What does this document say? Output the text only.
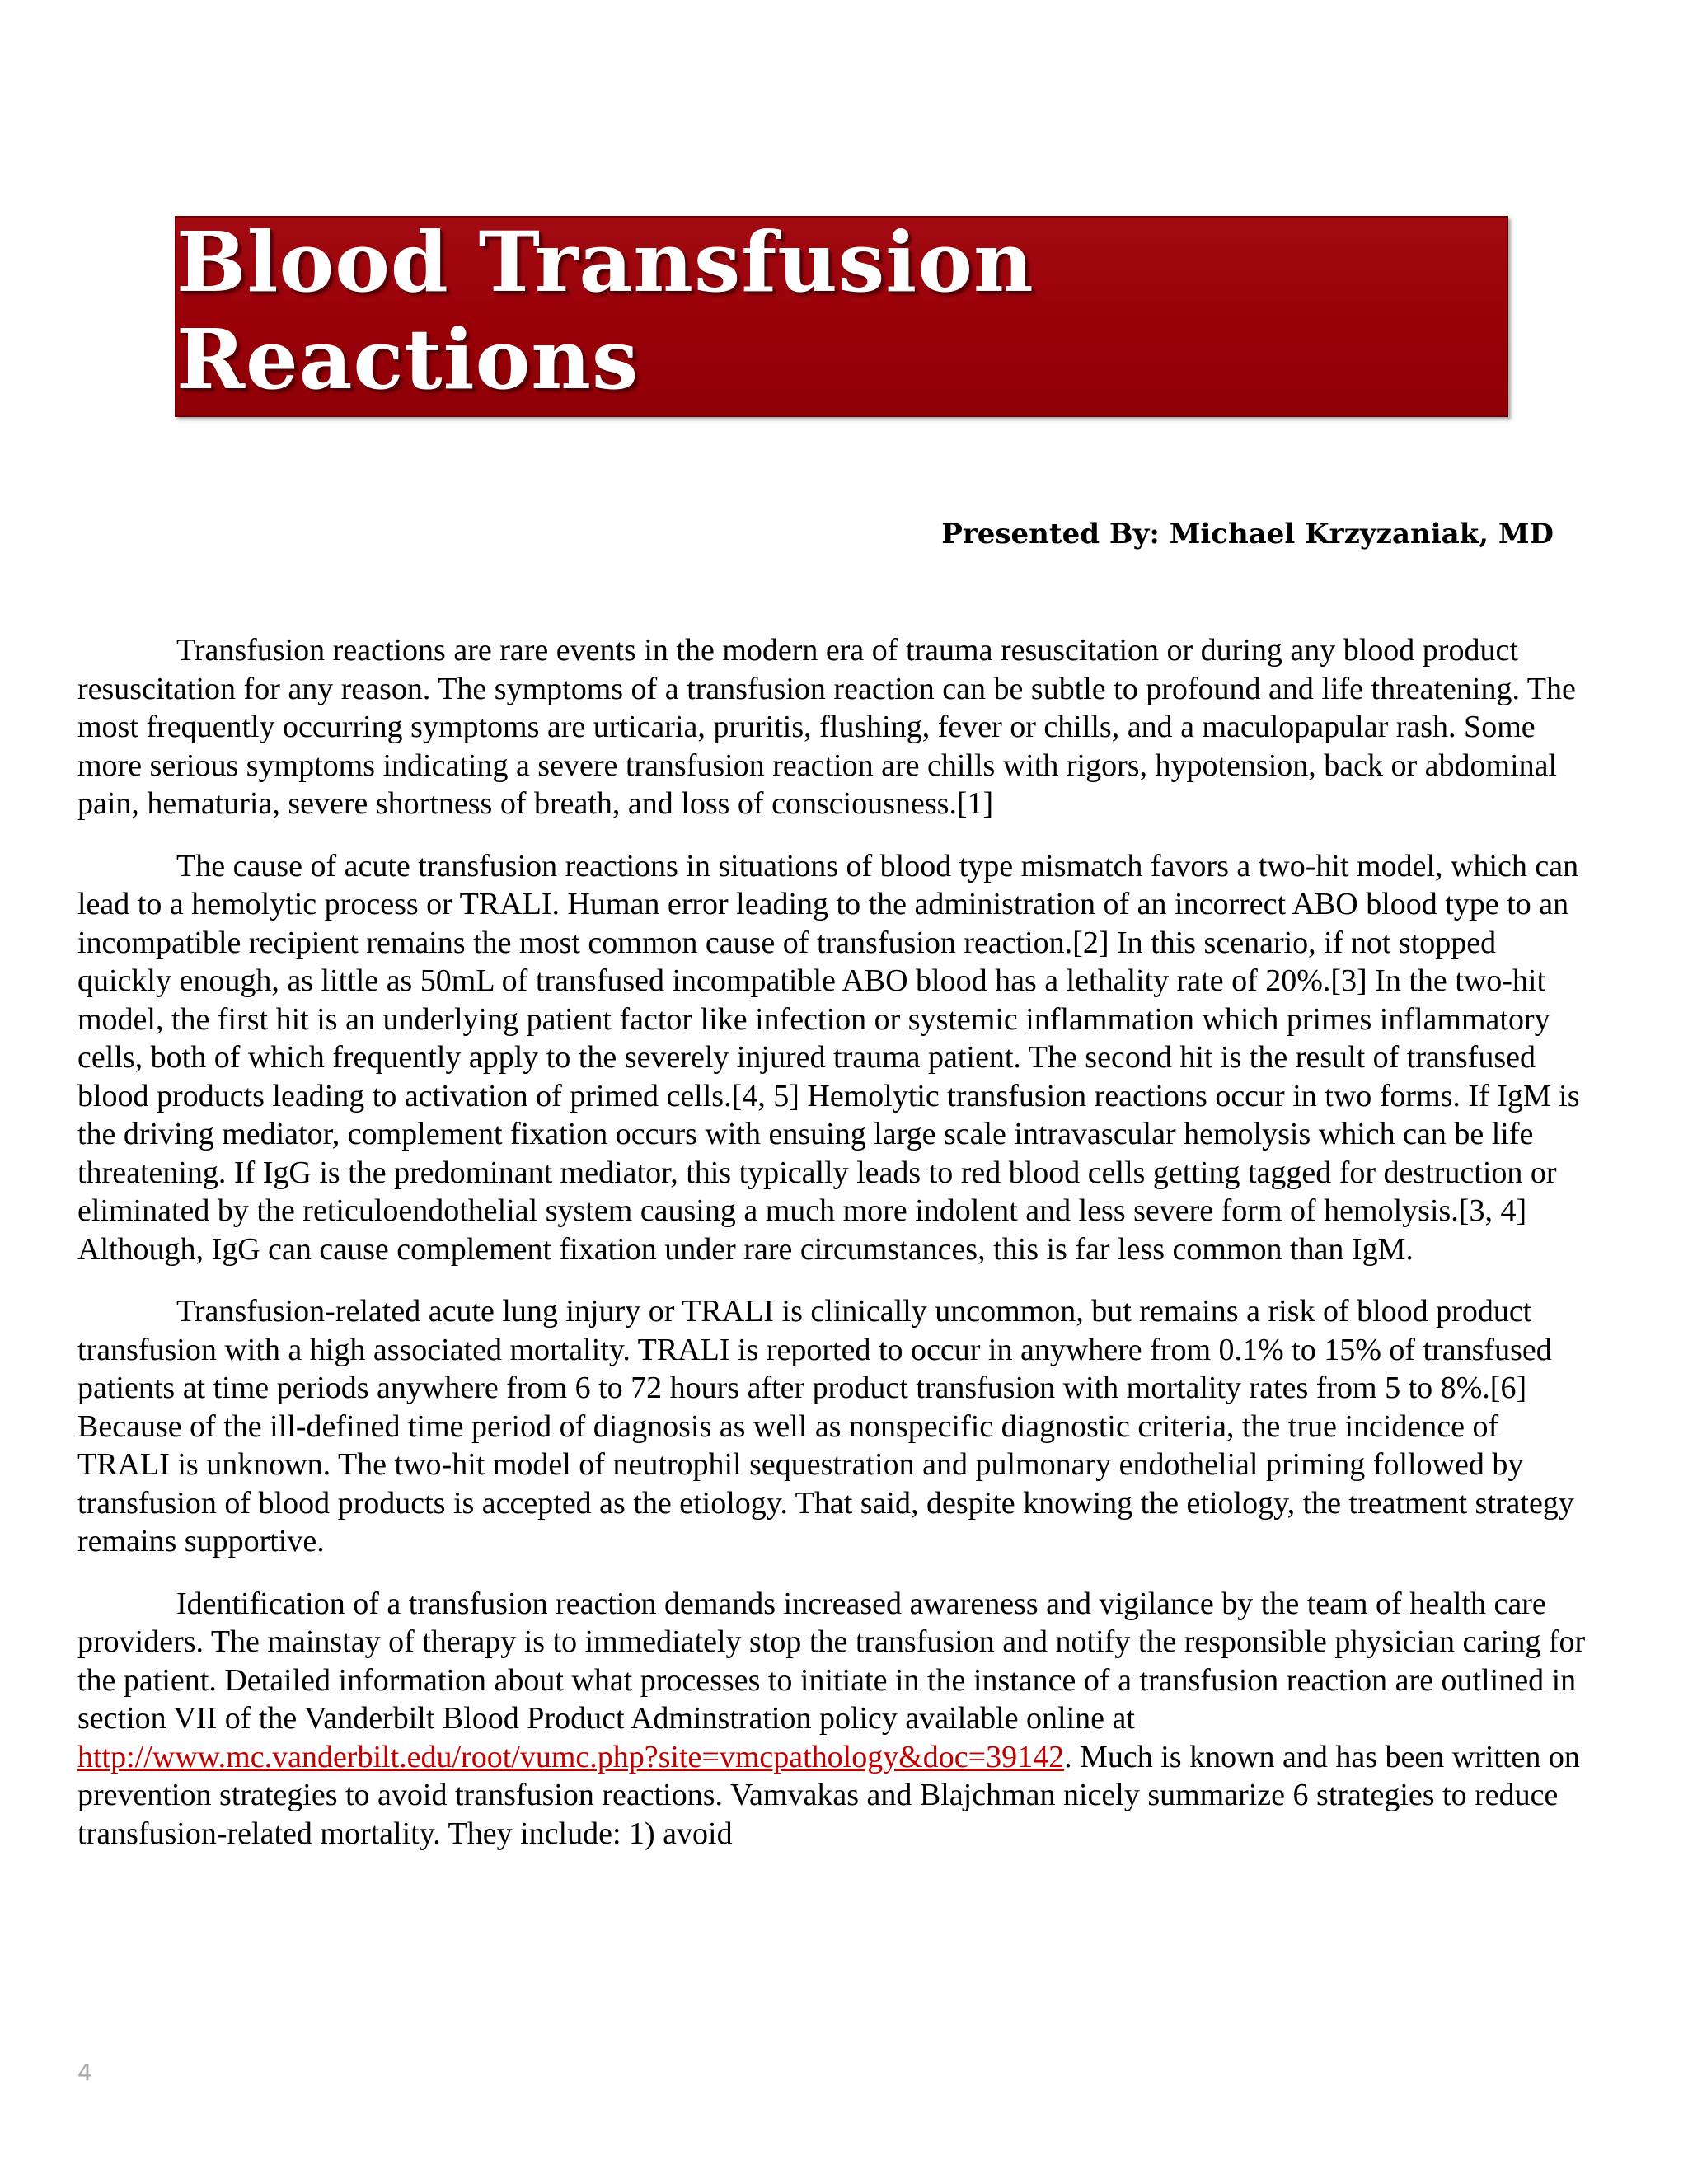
Blood Transfusion Reactions
Presented By: Michael Krzyzaniak, MD

Transfusion reactions are rare events in the modern era of trauma resuscitation or during any blood product resuscitation for any reason. The symptoms of a transfusion reaction can be subtle to profound and life threatening. The most frequently occurring symptoms are urticaria, pruritis, flushing, fever or chills, and a maculopapular rash. Some more serious symptoms indicating a severe transfusion reaction are chills with rigors, hypotension, back or abdominal pain, hematuria, severe shortness of breath, and loss of consciousness.[1]

The cause of acute transfusion reactions in situations of blood type mismatch favors a two-hit model, which can lead to a hemolytic process or TRALI. Human error leading to the administration of an incorrect ABO blood type to an incompatible recipient remains the most common cause of transfusion reaction.[2] In this scenario, if not stopped quickly enough, as little as 50mL of transfused incompatible ABO blood has a lethality rate of 20%.[3] In the two-hit model, the first hit is an underlying patient factor like infection or systemic inflammation which primes inflammatory cells, both of which frequently apply to the severely injured trauma patient. The second hit is the result of transfused blood products leading to activation of primed cells.[4, 5] Hemolytic transfusion reactions occur in two forms. If IgM is the driving mediator, complement fixation occurs with ensuing large scale intravascular hemolysis which can be life threatening. If IgG is the predominant mediator, this typically leads to red blood cells getting tagged for destruction or eliminated by the reticuloendothelial system causing a much more indolent and less severe form of hemolysis.[3, 4] Although, IgG can cause complement fixation under rare circumstances, this is far less common than IgM.

Transfusion-related acute lung injury or TRALI is clinically uncommon, but remains a risk of blood product transfusion with a high associated mortality. TRALI is reported to occur in anywhere from 0.1% to 15% of transfused patients at time periods anywhere from 6 to 72 hours after product transfusion with mortality rates from 5 to 8%.[6] Because of the ill-defined time period of diagnosis as well as nonspecific diagnostic criteria, the true incidence of TRALI is unknown. The two-hit model of neutrophil sequestration and pulmonary endothelial priming followed by transfusion of blood products is accepted as the etiology. That said, despite knowing the etiology, the treatment strategy remains supportive.

Identification of a transfusion reaction demands increased awareness and vigilance by the team of health care providers. The mainstay of therapy is to immediately stop the transfusion and notify the responsible physician caring for the patient. Detailed information about what processes to initiate in the instance of a transfusion reaction are outlined in section VII of the Vanderbilt Blood Product Adminstration policy available online at http://www.mc.vanderbilt.edu/root/vumc.php?site=vmcpathology&doc=39142. Much is known and has been written on prevention strategies to avoid transfusion reactions. Vamvakas and Blajchman nicely summarize 6 strategies to reduce transfusion-related mortality. They include: 1) avoid

4
